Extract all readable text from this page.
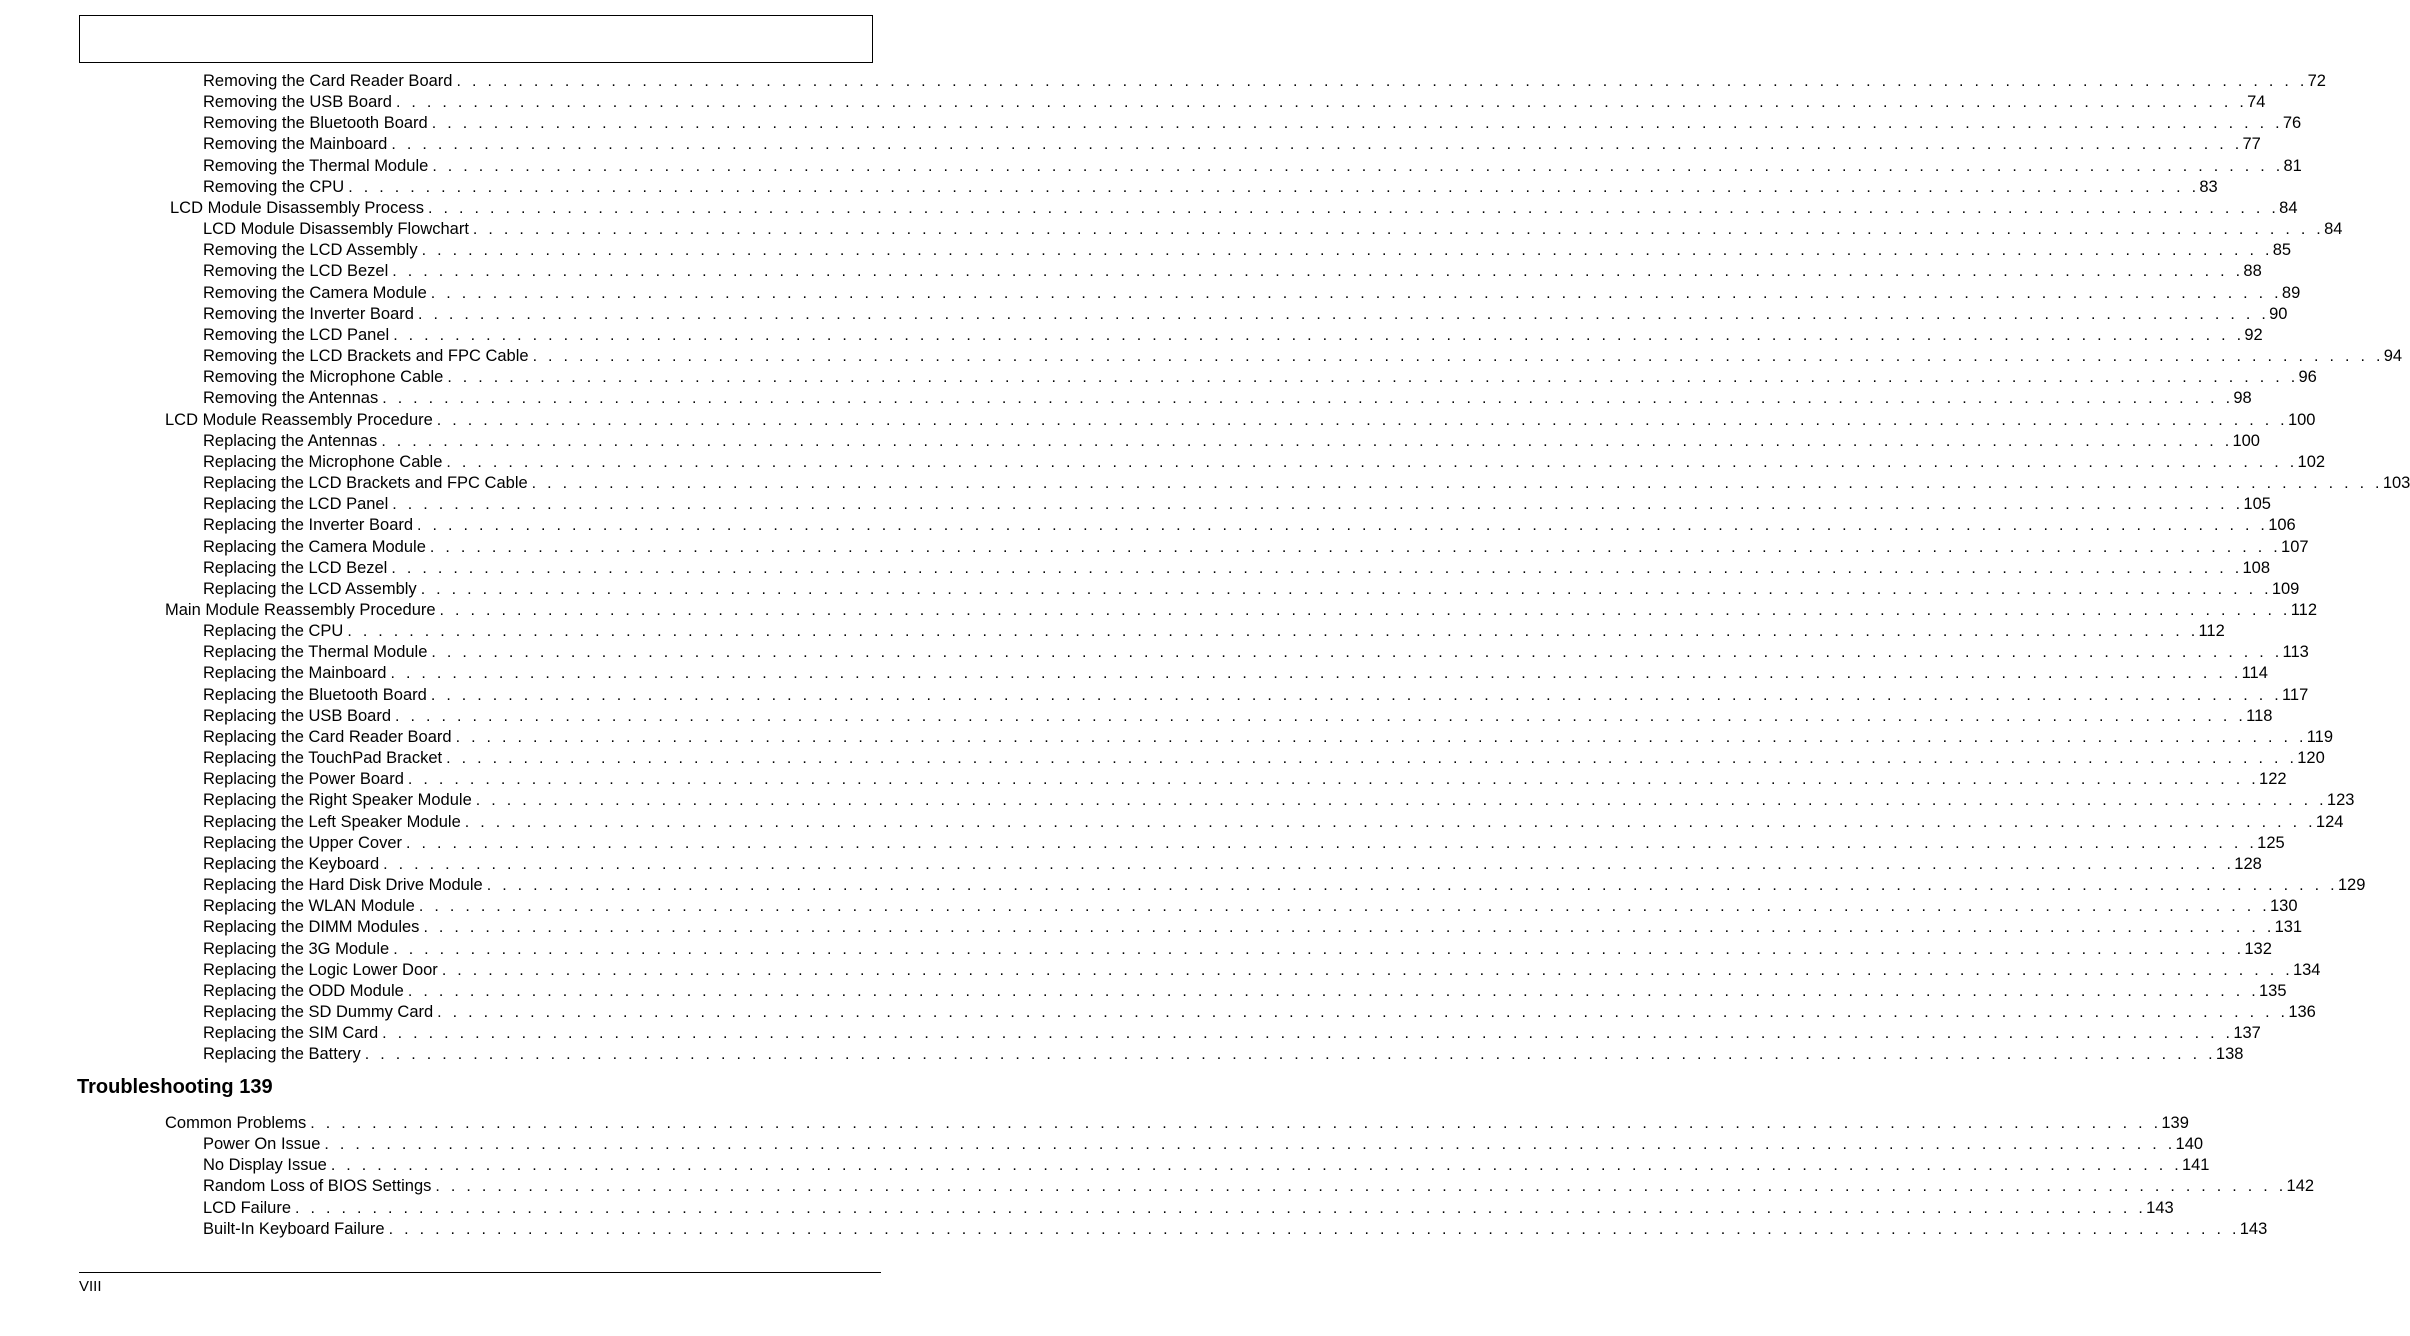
Removing the Card Reader Board . . . . . . . . . . . . . . . . . . . . . . . . . . . . . . . . . . . . . . . . . . . . . . . . . . . . . . . . . . . . . . . . . . . . . . . . . . . . . . . . . . . . . . . . . . . . . . . . . . . . . . . . . . . . . . . . . . . . . . . . 72
Removing the USB Board . . . . . . . . . . . . . . . . . . . . . . . . . . . . . . . . . . . . . . . . . . . . . . . . . . . . . . . . . . . . . . . . . . . . . . . . . . . . . . . . . . . . . . . . . . . . . . . . . . . . . . . . . . . . . . . . . . . . . . . . 74
Removing the Bluetooth Board . . . . . . . . . . . . . . . . . . . . . . . . . . . . . . . . . . . . . . . . . . . . . . . . . . . . . . . . . . . . . . . . . . . . . . . . . . . . . . . . . . . . . . . . . . . . . . . . . . . . . . . . . . . . . . . . . . . . . . . . 76
Removing the Mainboard . . . . . . . . . . . . . . . . . . . . . . . . . . . . . . . . . . . . . . . . . . . . . . . . . . . . . . . . . . . . . . . . . . . . . . . . . . . . . . . . . . . . . . . . . . . . . . . . . . . . . . . . . . . . . . . . . . . . . . . . 77
Removing the Thermal Module . . . . . . . . . . . . . . . . . . . . . . . . . . . . . . . . . . . . . . . . . . . . . . . . . . . . . . . . . . . . . . . . . . . . . . . . . . . . . . . . . . . . . . . . . . . . . . . . . . . . . . . . . . . . . . . . . . . . . . . . 81
Removing the CPU . . . . . . . . . . . . . . . . . . . . . . . . . . . . . . . . . . . . . . . . . . . . . . . . . . . . . . . . . . . . . . . . . . . . . . . . . . . . . . . . . . . . . . . . . . . . . . . . . . . . . . . . . . . . . . . . . . . . . . . . 83
LCD Module Disassembly Process . . . . . . . . . . . . . . . . . . . . . . . . . . . . . . . . . . . . . . . . . . . . . . . . . . . . . . . . . . . . . . . . . . . . . . . . . . . . . . . . . . . . . . . . . . . . . . . . . . . . . . . . . . . . . . . . . . . . . . . . 84
LCD Module Disassembly Flowchart . . . . . . . . . . . . . . . . . . . . . . . . . . . . . . . . . . . . . . . . . . . . . . . . . . . . . . . . . . . . . . . . . . . . . . . . . . . . . . . . . . . . . . . . . . . . . . . . . . . . . . . . . . . . . . . . . . . . . . . . 84
Removing the LCD Assembly . . . . . . . . . . . . . . . . . . . . . . . . . . . . . . . . . . . . . . . . . . . . . . . . . . . . . . . . . . . . . . . . . . . . . . . . . . . . . . . . . . . . . . . . . . . . . . . . . . . . . . . . . . . . . . . . . . . . . . . . 85
Removing the LCD Bezel . . . . . . . . . . . . . . . . . . . . . . . . . . . . . . . . . . . . . . . . . . . . . . . . . . . . . . . . . . . . . . . . . . . . . . . . . . . . . . . . . . . . . . . . . . . . . . . . . . . . . . . . . . . . . . . . . . . . . . . . 88
Removing the Camera Module . . . . . . . . . . . . . . . . . . . . . . . . . . . . . . . . . . . . . . . . . . . . . . . . . . . . . . . . . . . . . . . . . . . . . . . . . . . . . . . . . . . . . . . . . . . . . . . . . . . . . . . . . . . . . . . . . . . . . . . . 89
Removing the Inverter Board . . . . . . . . . . . . . . . . . . . . . . . . . . . . . . . . . . . . . . . . . . . . . . . . . . . . . . . . . . . . . . . . . . . . . . . . . . . . . . . . . . . . . . . . . . . . . . . . . . . . . . . . . . . . . . . . . . . . . . . . 90
Removing the LCD Panel . . . . . . . . . . . . . . . . . . . . . . . . . . . . . . . . . . . . . . . . . . . . . . . . . . . . . . . . . . . . . . . . . . . . . . . . . . . . . . . . . . . . . . . . . . . . . . . . . . . . . . . . . . . . . . . . . . . . . . . . 92
Removing the LCD Brackets and FPC Cable . . . . . . . . . . . . . . . . . . . . . . . . . . . . . . . . . . . . . . . . . . . . . . . . . . . . . . . . . . . . . . . . . . . . . . . . . . . . . . . . . . . . . . . . . . . . . . . . . . . . . . . . . . . . . . . . . . . . . . . . 94
Removing the Microphone Cable . . . . . . . . . . . . . . . . . . . . . . . . . . . . . . . . . . . . . . . . . . . . . . . . . . . . . . . . . . . . . . . . . . . . . . . . . . . . . . . . . . . . . . . . . . . . . . . . . . . . . . . . . . . . . . . . . . . . . . . . 96
Removing the Antennas . . . . . . . . . . . . . . . . . . . . . . . . . . . . . . . . . . . . . . . . . . . . . . . . . . . . . . . . . . . . . . . . . . . . . . . . . . . . . . . . . . . . . . . . . . . . . . . . . . . . . . . . . . . . . . . . . . . . . . . . 98
LCD Module Reassembly Procedure . . . . . . . . . . . . . . . . . . . . . . . . . . . . . . . . . . . . . . . . . . . . . . . . . . . . . . . . . . . . . . . . . . . . . . . . . . . . . . . . . . . . . . . . . . . . . . . . . . . . . . . . . . . . . . . . . . . . . . . . 100
Replacing the Antennas . . . . . . . . . . . . . . . . . . . . . . . . . . . . . . . . . . . . . . . . . . . . . . . . . . . . . . . . . . . . . . . . . . . . . . . . . . . . . . . . . . . . . . . . . . . . . . . . . . . . . . . . . . . . . . . . . . . . . . . . 100
Replacing the Microphone Cable . . . . . . . . . . . . . . . . . . . . . . . . . . . . . . . . . . . . . . . . . . . . . . . . . . . . . . . . . . . . . . . . . . . . . . . . . . . . . . . . . . . . . . . . . . . . . . . . . . . . . . . . . . . . . . . . . . . . . . . . 102
Replacing the LCD Brackets and FPC Cable . . . . . . . . . . . . . . . . . . . . . . . . . . . . . . . . . . . . . . . . . . . . . . . . . . . . . . . . . . . . . . . . . . . . . . . . . . . . . . . . . . . . . . . . . . . . . . . . . . . . . . . . . . . . . . . . . . . . . . . . 103
Replacing the LCD Panel . . . . . . . . . . . . . . . . . . . . . . . . . . . . . . . . . . . . . . . . . . . . . . . . . . . . . . . . . . . . . . . . . . . . . . . . . . . . . . . . . . . . . . . . . . . . . . . . . . . . . . . . . . . . . . . . . . . . . . . . 105
Replacing the Inverter Board . . . . . . . . . . . . . . . . . . . . . . . . . . . . . . . . . . . . . . . . . . . . . . . . . . . . . . . . . . . . . . . . . . . . . . . . . . . . . . . . . . . . . . . . . . . . . . . . . . . . . . . . . . . . . . . . . . . . . . . . 106
Replacing the Camera Module . . . . . . . . . . . . . . . . . . . . . . . . . . . . . . . . . . . . . . . . . . . . . . . . . . . . . . . . . . . . . . . . . . . . . . . . . . . . . . . . . . . . . . . . . . . . . . . . . . . . . . . . . . . . . . . . . . . . . . . . 107
Replacing the LCD Bezel . . . . . . . . . . . . . . . . . . . . . . . . . . . . . . . . . . . . . . . . . . . . . . . . . . . . . . . . . . . . . . . . . . . . . . . . . . . . . . . . . . . . . . . . . . . . . . . . . . . . . . . . . . . . . . . . . . . . . . . . 108
Replacing the LCD Assembly . . . . . . . . . . . . . . . . . . . . . . . . . . . . . . . . . . . . . . . . . . . . . . . . . . . . . . . . . . . . . . . . . . . . . . . . . . . . . . . . . . . . . . . . . . . . . . . . . . . . . . . . . . . . . . . . . . . . . . . . 109
Main Module Reassembly Procedure . . . . . . . . . . . . . . . . . . . . . . . . . . . . . . . . . . . . . . . . . . . . . . . . . . . . . . . . . . . . . . . . . . . . . . . . . . . . . . . . . . . . . . . . . . . . . . . . . . . . . . . . . . . . . . . . . . . . . . . . 112
Replacing the CPU . . . . . . . . . . . . . . . . . . . . . . . . . . . . . . . . . . . . . . . . . . . . . . . . . . . . . . . . . . . . . . . . . . . . . . . . . . . . . . . . . . . . . . . . . . . . . . . . . . . . . . . . . . . . . . . . . . . . . . . . 112
Replacing the Thermal Module . . . . . . . . . . . . . . . . . . . . . . . . . . . . . . . . . . . . . . . . . . . . . . . . . . . . . . . . . . . . . . . . . . . . . . . . . . . . . . . . . . . . . . . . . . . . . . . . . . . . . . . . . . . . . . . . . . . . . . . . 113
Replacing the Mainboard . . . . . . . . . . . . . . . . . . . . . . . . . . . . . . . . . . . . . . . . . . . . . . . . . . . . . . . . . . . . . . . . . . . . . . . . . . . . . . . . . . . . . . . . . . . . . . . . . . . . . . . . . . . . . . . . . . . . . . . . 114
Replacing the Bluetooth Board . . . . . . . . . . . . . . . . . . . . . . . . . . . . . . . . . . . . . . . . . . . . . . . . . . . . . . . . . . . . . . . . . . . . . . . . . . . . . . . . . . . . . . . . . . . . . . . . . . . . . . . . . . . . . . . . . . . . . . . . 117
Replacing the USB Board . . . . . . . . . . . . . . . . . . . . . . . . . . . . . . . . . . . . . . . . . . . . . . . . . . . . . . . . . . . . . . . . . . . . . . . . . . . . . . . . . . . . . . . . . . . . . . . . . . . . . . . . . . . . . . . . . . . . . . . . 118
Replacing the Card Reader Board . . . . . . . . . . . . . . . . . . . . . . . . . . . . . . . . . . . . . . . . . . . . . . . . . . . . . . . . . . . . . . . . . . . . . . . . . . . . . . . . . . . . . . . . . . . . . . . . . . . . . . . . . . . . . . . . . . . . . . . . 119
Replacing the TouchPad Bracket . . . . . . . . . . . . . . . . . . . . . . . . . . . . . . . . . . . . . . . . . . . . . . . . . . . . . . . . . . . . . . . . . . . . . . . . . . . . . . . . . . . . . . . . . . . . . . . . . . . . . . . . . . . . . . . . . . . . . . . . 120
Replacing the Power Board . . . . . . . . . . . . . . . . . . . . . . . . . . . . . . . . . . . . . . . . . . . . . . . . . . . . . . . . . . . . . . . . . . . . . . . . . . . . . . . . . . . . . . . . . . . . . . . . . . . . . . . . . . . . . . . . . . . . . . . . 122
Replacing the Right Speaker Module . . . . . . . . . . . . . . . . . . . . . . . . . . . . . . . . . . . . . . . . . . . . . . . . . . . . . . . . . . . . . . . . . . . . . . . . . . . . . . . . . . . . . . . . . . . . . . . . . . . . . . . . . . . . . . . . . . . . . . . . 123
Replacing the Left Speaker Module . . . . . . . . . . . . . . . . . . . . . . . . . . . . . . . . . . . . . . . . . . . . . . . . . . . . . . . . . . . . . . . . . . . . . . . . . . . . . . . . . . . . . . . . . . . . . . . . . . . . . . . . . . . . . . . . . . . . . . . . 124
Replacing the Upper Cover . . . . . . . . . . . . . . . . . . . . . . . . . . . . . . . . . . . . . . . . . . . . . . . . . . . . . . . . . . . . . . . . . . . . . . . . . . . . . . . . . . . . . . . . . . . . . . . . . . . . . . . . . . . . . . . . . . . . . . . . 125
Replacing the Keyboard . . . . . . . . . . . . . . . . . . . . . . . . . . . . . . . . . . . . . . . . . . . . . . . . . . . . . . . . . . . . . . . . . . . . . . . . . . . . . . . . . . . . . . . . . . . . . . . . . . . . . . . . . . . . . . . . . . . . . . . . 128
Replacing the Hard Disk Drive Module . . . . . . . . . . . . . . . . . . . . . . . . . . . . . . . . . . . . . . . . . . . . . . . . . . . . . . . . . . . . . . . . . . . . . . . . . . . . . . . . . . . . . . . . . . . . . . . . . . . . . . . . . . . . . . . . . . . . . . . . 129
Replacing the WLAN Module . . . . . . . . . . . . . . . . . . . . . . . . . . . . . . . . . . . . . . . . . . . . . . . . . . . . . . . . . . . . . . . . . . . . . . . . . . . . . . . . . . . . . . . . . . . . . . . . . . . . . . . . . . . . . . . . . . . . . . . . 130
Replacing the DIMM Modules . . . . . . . . . . . . . . . . . . . . . . . . . . . . . . . . . . . . . . . . . . . . . . . . . . . . . . . . . . . . . . . . . . . . . . . . . . . . . . . . . . . . . . . . . . . . . . . . . . . . . . . . . . . . . . . . . . . . . . . . 131
Replacing the 3G Module . . . . . . . . . . . . . . . . . . . . . . . . . . . . . . . . . . . . . . . . . . . . . . . . . . . . . . . . . . . . . . . . . . . . . . . . . . . . . . . . . . . . . . . . . . . . . . . . . . . . . . . . . . . . . . . . . . . . . . . . 132
Replacing the Logic Lower Door . . . . . . . . . . . . . . . . . . . . . . . . . . . . . . . . . . . . . . . . . . . . . . . . . . . . . . . . . . . . . . . . . . . . . . . . . . . . . . . . . . . . . . . . . . . . . . . . . . . . . . . . . . . . . . . . . . . . . . . . 134
Replacing the ODD Module . . . . . . . . . . . . . . . . . . . . . . . . . . . . . . . . . . . . . . . . . . . . . . . . . . . . . . . . . . . . . . . . . . . . . . . . . . . . . . . . . . . . . . . . . . . . . . . . . . . . . . . . . . . . . . . . . . . . . . . . 135
Replacing the SD Dummy Card . . . . . . . . . . . . . . . . . . . . . . . . . . . . . . . . . . . . . . . . . . . . . . . . . . . . . . . . . . . . . . . . . . . . . . . . . . . . . . . . . . . . . . . . . . . . . . . . . . . . . . . . . . . . . . . . . . . . . . . . 136
Replacing the SIM Card . . . . . . . . . . . . . . . . . . . . . . . . . . . . . . . . . . . . . . . . . . . . . . . . . . . . . . . . . . . . . . . . . . . . . . . . . . . . . . . . . . . . . . . . . . . . . . . . . . . . . . . . . . . . . . . . . . . . . . . . 137
Replacing the Battery . . . . . . . . . . . . . . . . . . . . . . . . . . . . . . . . . . . . . . . . . . . . . . . . . . . . . . . . . . . . . . . . . . . . . . . . . . . . . . . . . . . . . . . . . . . . . . . . . . . . . . . . . . . . . . . . . . . . . . . . 138
Troubleshooting 139
Common Problems . . . . . . . . . . . . . . . . . . . . . . . . . . . . . . . . . . . . . . . . . . . . . . . . . . . . . . . . . . . . . . . . . . . . . . . . . . . . . . . . . . . . . . . . . . . . . . . . . . . . . . . . . . . . . . . . . . . . . . . . 139
Power On Issue . . . . . . . . . . . . . . . . . . . . . . . . . . . . . . . . . . . . . . . . . . . . . . . . . . . . . . . . . . . . . . . . . . . . . . . . . . . . . . . . . . . . . . . . . . . . . . . . . . . . . . . . . . . . . . . . . . . . . . . . 140
No Display Issue . . . . . . . . . . . . . . . . . . . . . . . . . . . . . . . . . . . . . . . . . . . . . . . . . . . . . . . . . . . . . . . . . . . . . . . . . . . . . . . . . . . . . . . . . . . . . . . . . . . . . . . . . . . . . . . . . . . . . . . . 141
Random Loss of BIOS Settings . . . . . . . . . . . . . . . . . . . . . . . . . . . . . . . . . . . . . . . . . . . . . . . . . . . . . . . . . . . . . . . . . . . . . . . . . . . . . . . . . . . . . . . . . . . . . . . . . . . . . . . . . . . . . . . . . . . . . . . . 142
LCD Failure . . . . . . . . . . . . . . . . . . . . . . . . . . . . . . . . . . . . . . . . . . . . . . . . . . . . . . . . . . . . . . . . . . . . . . . . . . . . . . . . . . . . . . . . . . . . . . . . . . . . . . . . . . . . . . . . . . . . . . . . 143
Built-In Keyboard Failure . . . . . . . . . . . . . . . . . . . . . . . . . . . . . . . . . . . . . . . . . . . . . . . . . . . . . . . . . . . . . . . . . . . . . . . . . . . . . . . . . . . . . . . . . . . . . . . . . . . . . . . . . . . . . . . . . . . . . . . . 143
VIII
